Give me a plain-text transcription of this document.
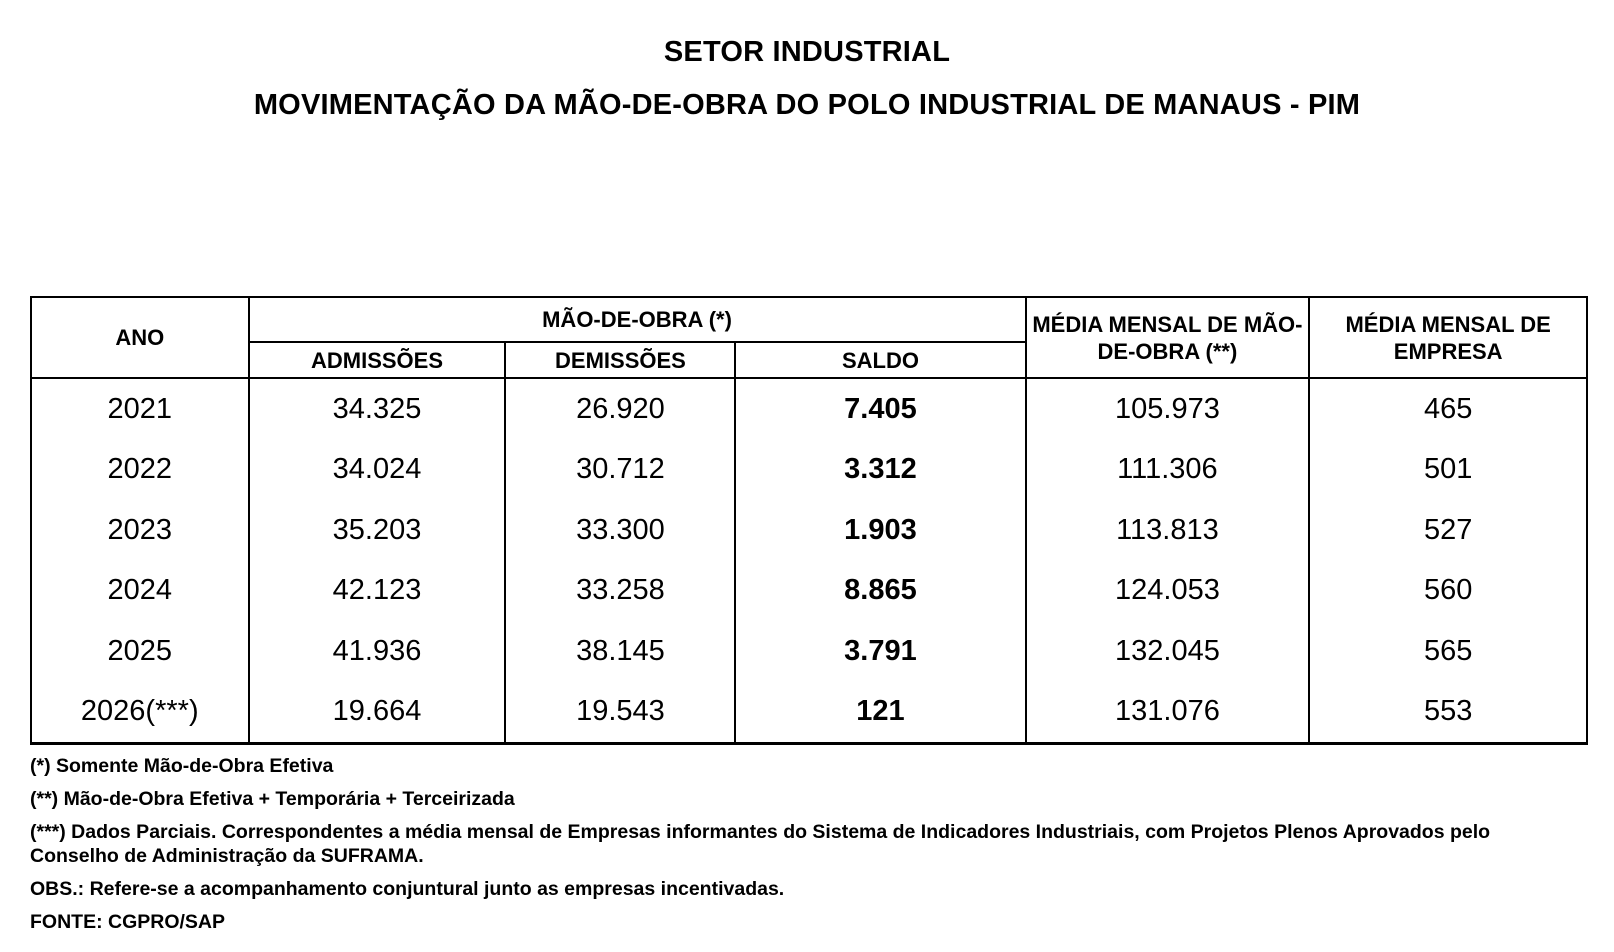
SETOR INDUSTRIAL
MOVIMENTAÇÃO DA MÃO-DE-OBRA DO POLO INDUSTRIAL DE MANAUS - PIM
ANO	MÃO-DE-OBRA (*)			MÉDIA MENSAL DE MÃO-DE-OBRA (**)	MÉDIA MENSAL DE EMPRESA
	ADMISSÕES	DEMISSÕES	SALDO		
2021	34.325	26.920	7.405	105.973	465
2022	34.024	30.712	3.312	111.306	501
2023	35.203	33.300	1.903	113.813	527
2024	42.123	33.258	8.865	124.053	560
2025	41.936	38.145	3.791	132.045	565
2026(***)	19.664	19.543	121	131.076	553

(*) Somente Mão-de-Obra Efetiva

(**) Mão-de-Obra Efetiva + Temporária + Terceirizada

(***) Dados Parciais. Correspondentes a média mensal de Empresas informantes do Sistema de Indicadores Industriais, com Projetos Plenos Aprovados pelo Conselho de Administração da SUFRAMA.

OBS.: Refere-se a acompanhamento conjuntural junto as empresas incentivadas.

FONTE: CGPRO/SAP
